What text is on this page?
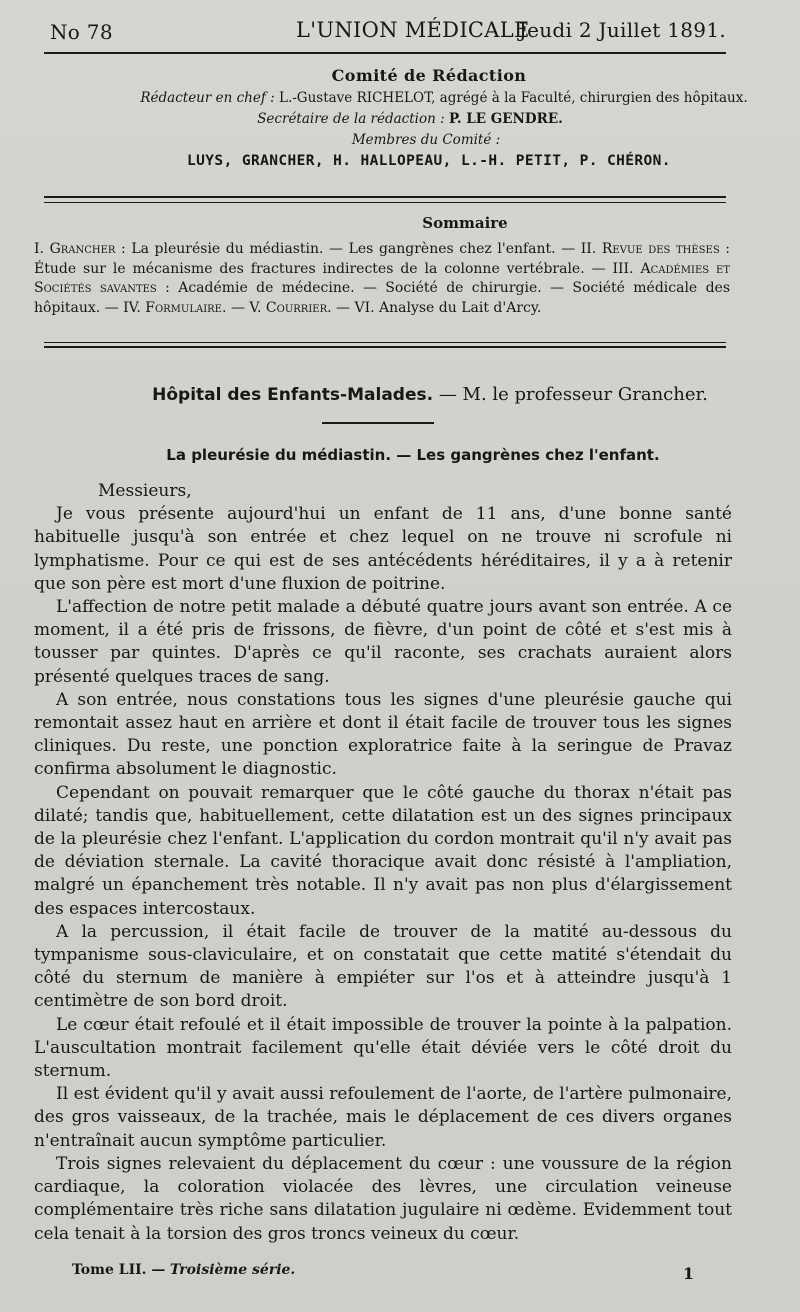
No 78	L'UNION MÉDICALE
Jeudi 2 Juillet 1891.
Comité de Rédaction
Rédacteur en chef : L.-Gustave RICHELOT, agrégé à la Faculté, chirurgien des hôpitaux.
Secrétaire de la rédaction : P. LE GENDRE.
Membres du Comité :
LUYS, GRANCHER, H. HALLOPEAU, L.-H. PETIT, P. CHÉRON.
Sommaire
I. Grancher : La pleurésie du médiastin. — Les gangrènes chez l'enfant. — II. Revue des thèses : Étude sur le mécanisme des fractures indirectes de la colonne vertébrale. — III. Académies et Sociétés savantes : Académie de médecine. — Société de chirurgie. — Société médicale des hôpitaux. — IV. Formulaire. — V. Courrier. — VI. Analyse du Lait d'Arcy.
Hôpital des Enfants-Malades. — M. le professeur Grancher.
La pleurésie du médiastin. — Les gangrènes chez l'enfant.

Messieurs,

Je vous présente aujourd'hui un enfant de 11 ans, d'une bonne santé habituelle jusqu'à son entrée et chez lequel on ne trouve ni scrofule ni lymphatisme. Pour ce qui est de ses antécédents héréditaires, il y a à retenir que son père est mort d'une fluxion de poitrine.

L'affection de notre petit malade a débuté quatre jours avant son entrée. A ce moment, il a été pris de frissons, de fièvre, d'un point de côté et s'est mis à tousser par quintes. D'après ce qu'il raconte, ses crachats auraient alors présenté quelques traces de sang.

A son entrée, nous constations tous les signes d'une pleurésie gauche qui remontait assez haut en arrière et dont il était facile de trouver tous les signes cliniques. Du reste, une ponction exploratrice faite à la seringue de Pravaz confirma absolument le diagnostic.

Cependant on pouvait remarquer que le côté gauche du thorax n'était pas dilaté; tandis que, habituellement, cette dilatation est un des signes principaux de la pleurésie chez l'enfant. L'application du cordon montrait qu'il n'y avait pas de déviation sternale. La cavité thoracique avait donc résisté à l'ampliation, malgré un épanchement très notable. Il n'y avait pas non plus d'élargissement des espaces intercostaux.

A la percussion, il était facile de trouver de la matité au-dessous du tympanisme sous-claviculaire, et on constatait que cette matité s'étendait du côté du sternum de manière à empiéter sur l'os et à atteindre jusqu'à 1 centimètre de son bord droit.

Le cœur était refoulé et il était impossible de trouver la pointe à la palpation. L'auscultation montrait facilement qu'elle était déviée vers le côté droit du sternum.

Il est évident qu'il y avait aussi refoulement de l'aorte, de l'artère pulmonaire, des gros vaisseaux, de la trachée, mais le déplacement de ces divers organes n'entraînait aucun symptôme particulier.

Trois signes relevaient du déplacement du cœur : une voussure de la région cardiaque, la coloration violacée des lèvres, une circulation veineuse complémentaire très riche sans dilatation jugulaire ni œdème. Evidemment tout cela tenait à la torsion des gros troncs veineux du cœur.

Tome LII. — Troisième série.	1
